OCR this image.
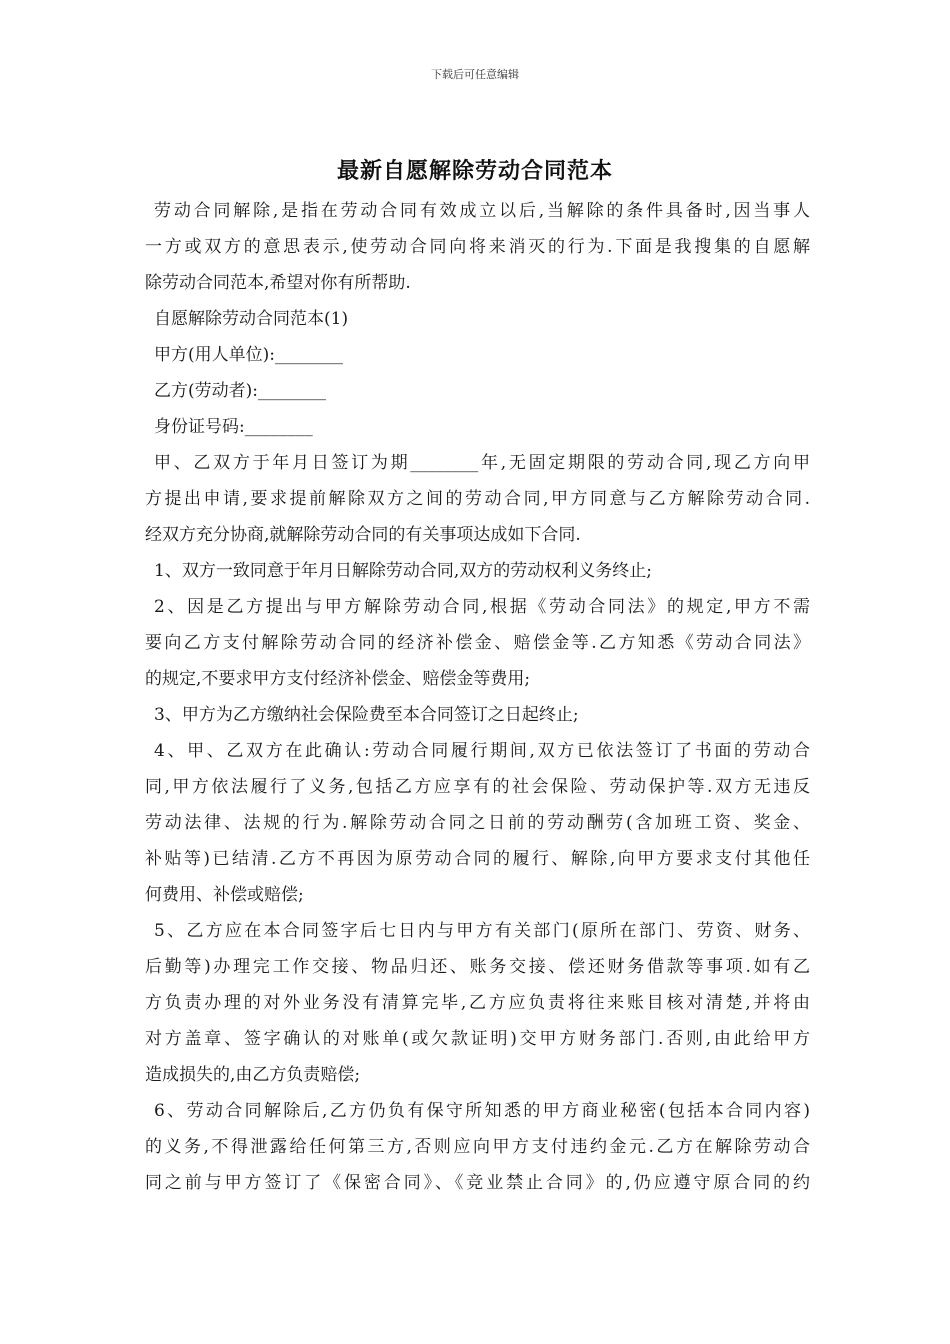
下载后可任意编辑
最新自愿解除劳动合同范本
劳动合同解除,是指在劳动合同有效成立以后,当解除的条件具备时,因当事人
一方或双方的意思表示,使劳动合同向将来消灭的行为.下面是我搜集的自愿解
除劳动合同范本,希望对你有所帮助.
自愿解除劳动合同范本(1)
甲方(用人单位):________
乙方(劳动者):________
身份证号码:________
甲、乙双方于年月日签订为期________年,无固定期限的劳动合同,现乙方向甲
方提出申请,要求提前解除双方之间的劳动合同,甲方同意与乙方解除劳动合同.
经双方充分协商,就解除劳动合同的有关事项达成如下合同.
1、双方一致同意于年月日解除劳动合同,双方的劳动权利义务终止;
2、因是乙方提出与甲方解除劳动合同,根据《劳动合同法》的规定,甲方不需
要向乙方支付解除劳动合同的经济补偿金、赔偿金等.乙方知悉《劳动合同法》
的规定,不要求甲方支付经济补偿金、赔偿金等费用;
3、甲方为乙方缴纳社会保险费至本合同签订之日起终止;
4、甲、乙双方在此确认:劳动合同履行期间,双方已依法签订了书面的劳动合
同,甲方依法履行了义务,包括乙方应享有的社会保险、劳动保护等.双方无违反
劳动法律、法规的行为.解除劳动合同之日前的劳动酬劳(含加班工资、奖金、
补贴等)已结清.乙方不再因为原劳动合同的履行、解除,向甲方要求支付其他任
何费用、补偿或赔偿;
5、乙方应在本合同签字后七日内与甲方有关部门(原所在部门、劳资、财务、
后勤等)办理完工作交接、物品归还、账务交接、偿还财务借款等事项.如有乙
方负责办理的对外业务没有清算完毕,乙方应负责将往来账目核对清楚,并将由
对方盖章、签字确认的对账单(或欠款证明)交甲方财务部门.否则,由此给甲方
造成损失的,由乙方负责赔偿;
6、劳动合同解除后,乙方仍负有保守所知悉的甲方商业秘密(包括本合同内容)
的义务,不得泄露给任何第三方,否则应向甲方支付违约金元.乙方在解除劳动合
同之前与甲方签订了《保密合同》、《竞业禁止合同》的,仍应遵守原合同的约
